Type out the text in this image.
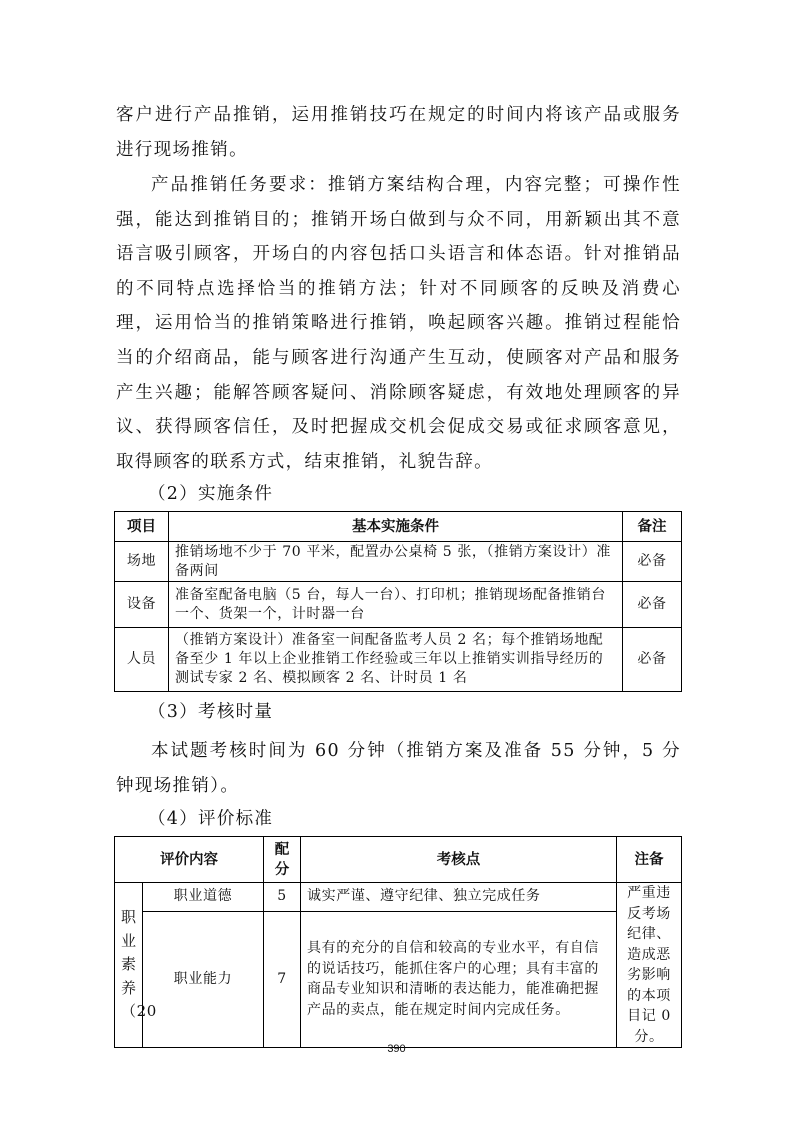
客户进行产品推销，运用推销技巧在规定的时间内将该产品或服务进行现场推销。

产品推销任务要求：推销方案结构合理，内容完整；可操作性强，能达到推销目的；推销开场白做到与众不同，用新颖出其不意语言吸引顾客，开场白的内容包括口头语言和体态语。针对推销品的不同特点选择恰当的推销方法；针对不同顾客的反映及消费心理，运用恰当的推销策略进行推销，唤起顾客兴趣。推销过程能恰当的介绍商品，能与顾客进行沟通产生互动，使顾客对产品和服务产生兴趣；能解答顾客疑问、消除顾客疑虑，有效地处理顾客的异议、获得顾客信任，及时把握成交机会促成交易或征求顾客意见，取得顾客的联系方式，结束推销，礼貌告辞。

（2）实施条件

项目	基本实施条件	备注
场地	推销场地不少于 70 平米，配置办公桌椅 5 张，（推销方案设计）准备两间	必备
设备	准备室配备电脑（5 台，每人一台）、打印机；推销现场配备推销台一个、货架一个，计时器一台	必备
人员	（推销方案设计）准备室一间配备监考人员 2 名；每个推销场地配备至少 1 年以上企业推销工作经验或三年以上推销实训指导经历的测试专家 2 名、模拟顾客 2 名、计时员 1 名	必备

（3）考核时量

本试题考核时间为 60 分钟（推销方案及准备 55 分钟，5 分钟现场推销）。

（4）评价标准

评价内容		配分	考核点	注备
职业素养（20	职业道德	5	诚实严谨、遵守纪律、独立完成任务	严重违反考场纪律、造成恶劣影响的本项目记 0 分。
	职业能力	7	具有的充分的自信和较高的专业水平，有自信的说话技巧，能抓住客户的心理；具有丰富的商品专业知识和清晰的表达能力，能准确把握产品的卖点，能在规定时间内完成任务。	
390
